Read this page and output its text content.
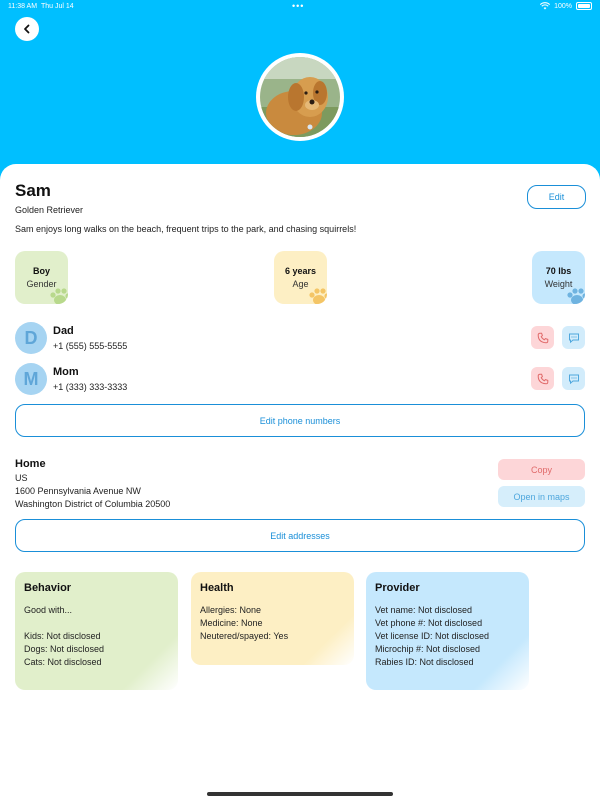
11:38 AM Thu Jul 14	•••	100%
Sam
Golden Retriever
Sam enjoys long walks on the beach, frequent trips to the park, and chasing squirrels!
Edit
Boy
Gender
6 years
Age
70 lbs
Weight
D	Dad
+1 (555) 555-5555
M	Mom
+1 (333) 333-3333
Edit phone numbers
Home
US
1600 Pennsylvania Avenue NW
Washington District of Columbia 20500
Copy
Open in maps
Edit addresses
Behavior
Good with...
Kids: Not disclosed
Dogs: Not disclosed
Cats: Not disclosed
Health
Allergies: None
Medicine: None
Neutered/spayed: Yes
Provider
Vet name: Not disclosed
Vet phone #: Not disclosed
Vet license ID: Not disclosed
Microchip #: Not disclosed
Rabies ID: Not disclosed
